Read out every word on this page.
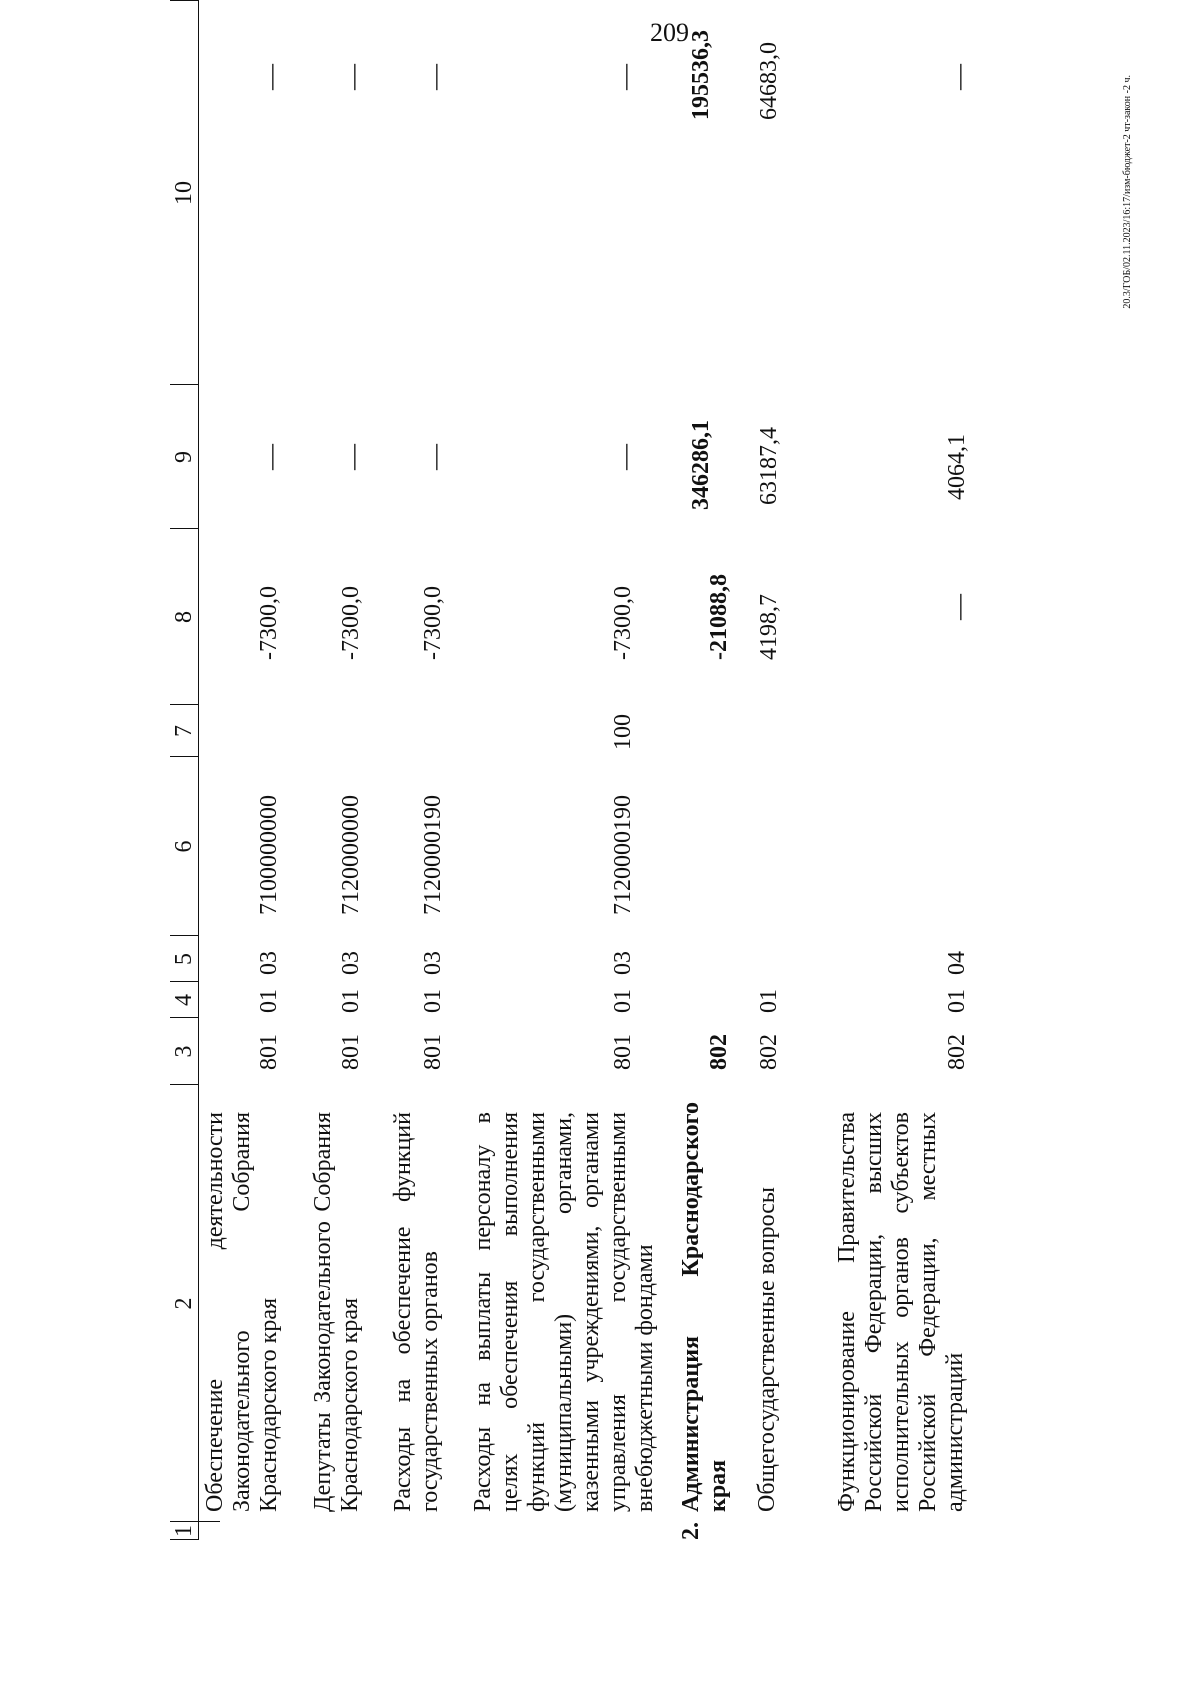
209
20.3/ГОБ/02.11.2023/16:17/изм-бюджет-2 чт-закон -2 ч.
1
2
3
4
5
6
7
8
9
10
Обеспечение деятельности Законодательного Собрания Краснодарского края
801
01
03
7100000000
-7300,0
—
—
Депутаты Законодательного Собрания Краснодарского края
801
01
03
7120000000
-7300,0
—
—
Расходы на обеспечение функций государственных органов
801
01
03
7120000190
-7300,0
—
—
Расходы на выплаты персоналу в целях обеспечения выполнения функций государственными (муниципальными) органами, казенными учреждениями, органами управления государственными внебюджетными фондами
801
01
03
7120000190
100
-7300,0
—
—
2.
Администрация Краснодарского края
802
-21088,8
346286,1
195536,3
Общегосударственные вопросы
802
01
4198,7
63187,4
64683,0
Функционирование Правительства Российской Федерации, высших исполнительных органов субъектов Российской Федерации, местных администраций
802
01
04
—
4064,1
—
